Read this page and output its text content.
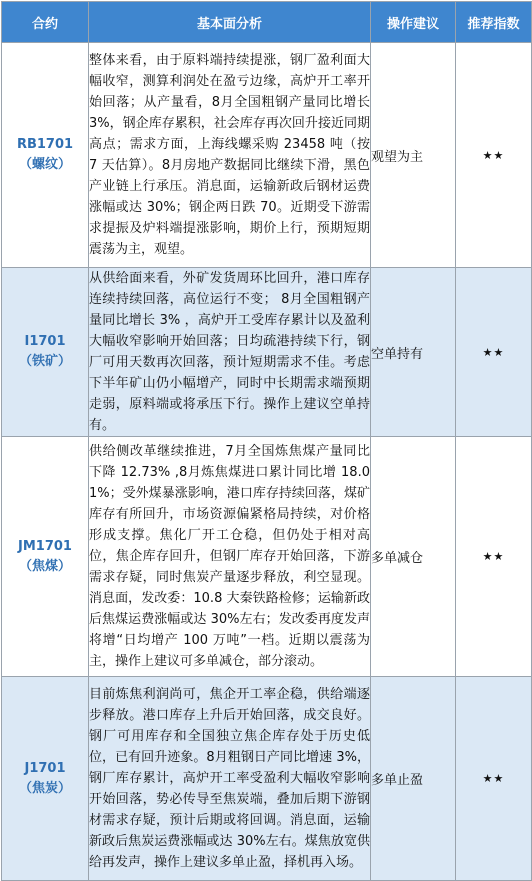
合约	基本面分析	操作建议	推荐指数

RB1701
（螺纹）	整体来看，由于原料端持续提涨，钢厂盈利面大幅收窄，测算利润处在盈亏边缘，高炉开工率开始回落；从产量看，8月全国粗钢产量同比增长 3%，钢企库存累积，社会库存再次回升接近同期高点；需求方面，上海线螺采购 23458 吨（按 7 天估算）。8月房地产数据同比继续下滑，黑色产业链上行承压。消息面，运输新政后钢材运费涨幅或达 30%；钢企两日跌 70。近期受下游需求提振及炉料端提涨影响，期价上行，预期短期震荡为主，观望。	观望为主	★★

I1701
（铁矿）	从供给面来看，外矿发货周环比回升，港口库存连续持续回落，高位运行不变； 8月全国粗钢产量同比增长 3% ，高炉开工受库存累计以及盈利大幅收窄影响开始回落；日均疏港持续下行，钢厂可用天数再次回落，预计短期需求不佳。考虑下半年矿山仍小幅增产，同时中长期需求端预期走弱，原料端或将承压下行。操作上建议空单持有。	空单持有	★★

JM1701
（焦煤）	供给侧改革继续推进，7月全国炼焦煤产量同比下降 12.73% ,8月炼焦煤进口累计同比增 18.01%；受外煤暴涨影响，港口库存持续回落，煤矿库存有所回升，市场资源偏紧格局持续，对价格形成支撑。焦化厂开工仓稳，但仍处于相对高位，焦企库存回升，但钢厂库存开始回落，下游需求存疑，同时焦炭产量逐步释放，利空显现。消息面，发改委：10.8 大秦铁路检修；运输新政后焦煤运费涨幅或达 30%左右；发改委再度发声 将增“日均增产 100 万吨”一档。近期以震荡为主，操作上建议可多单减仓，部分滚动。	多单减仓	★★

J1701
（焦炭）	目前炼焦利润尚可，焦企开工率企稳，供给端逐步释放。港口库存上升后开始回落，成交良好。钢厂可用库存和全国独立焦企库存处于历史低位，已有回升迹象。8月粗钢日产同比增速 3%，钢厂库存累计，高炉开工率受盈利大幅收窄影响开始回落，势必传导至焦炭端，叠加后期下游钢材需求存疑，预计后期或将回调。消息面，运输新政后焦炭运费涨幅或达 30%左右。煤焦放宽供给再发声，操作上建议多单止盈，择机再入场。	多单止盈	★★
